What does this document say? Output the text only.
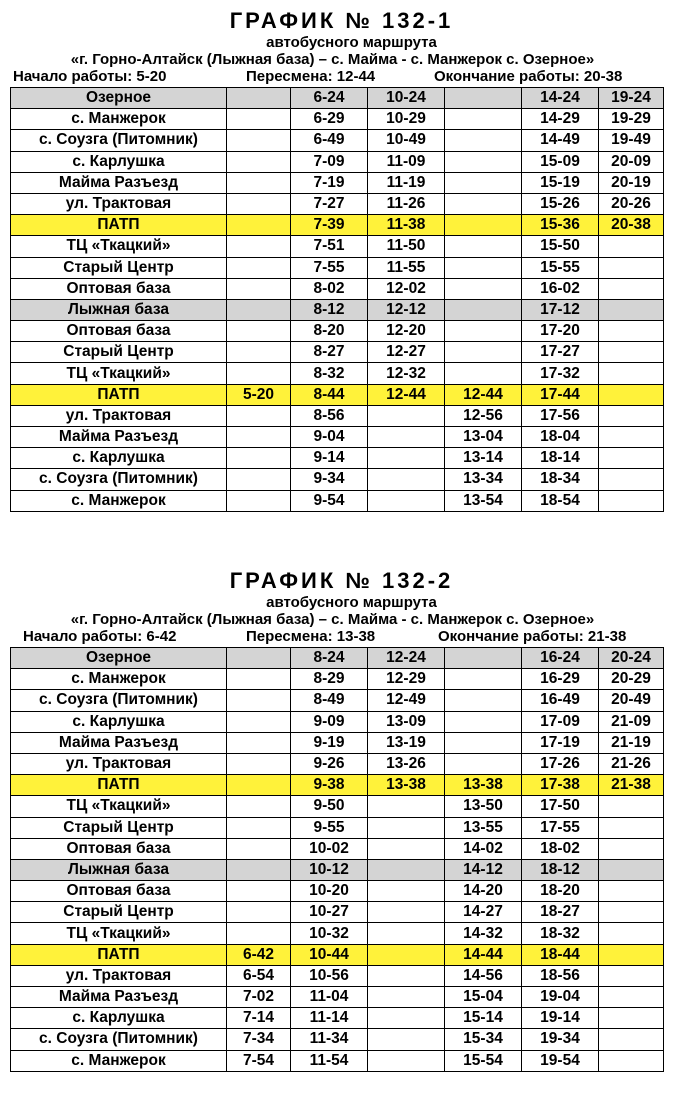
ГРАФИК № 132-1
автобусного маршрута
«г. Горно-Алтайск (Лыжная база) – с. Майма - с. Манжерок с. Озерное»
Начало работы: 5-20	Пересмена: 12-44	Окончание работы: 20-38
Озерное		6-24	10-24		14-24	19-24
с. Манжерок		6-29	10-29		14-29	19-29
с. Соузга (Питомник)		6-49	10-49		14-49	19-49
с. Карлушка		7-09	11-09		15-09	20-09
Майма Разъезд		7-19	11-19		15-19	20-19
ул. Трактовая		7-27	11-26		15-26	20-26
ПАТП		7-39	11-38		15-36	20-38
ТЦ «Ткацкий»		7-51	11-50		15-50	
Старый Центр		7-55	11-55		15-55	
Оптовая база		8-02	12-02		16-02	
Лыжная база		8-12	12-12		17-12	
Оптовая база		8-20	12-20		17-20	
Старый Центр		8-27	12-27		17-27	
ТЦ «Ткацкий»		8-32	12-32		17-32	
ПАТП	5-20	8-44	12-44	12-44	17-44	
ул. Трактовая		8-56		12-56	17-56	
Майма Разъезд		9-04		13-04	18-04	
с. Карлушка		9-14		13-14	18-14	
с. Соузга (Питомник)		9-34		13-34	18-34	
с. Манжерок		9-54		13-54	18-54	
ГРАФИК № 132-2
автобусного маршрута
«г. Горно-Алтайск (Лыжная база) – с. Майма - с. Манжерок с. Озерное»
Начало работы: 6-42	Пересмена: 13-38	Окончание работы: 21-38
Озерное		8-24	12-24		16-24	20-24
с. Манжерок		8-29	12-29		16-29	20-29
с. Соузга (Питомник)		8-49	12-49		16-49	20-49
с. Карлушка		9-09	13-09		17-09	21-09
Майма Разъезд		9-19	13-19		17-19	21-19
ул. Трактовая		9-26	13-26		17-26	21-26
ПАТП		9-38	13-38	13-38	17-38	21-38
ТЦ «Ткацкий»		9-50		13-50	17-50	
Старый Центр		9-55		13-55	17-55	
Оптовая база		10-02		14-02	18-02	
Лыжная база		10-12		14-12	18-12	
Оптовая база		10-20		14-20	18-20	
Старый Центр		10-27		14-27	18-27	
ТЦ «Ткацкий»		10-32		14-32	18-32	
ПАТП	6-42	10-44		14-44	18-44	
ул. Трактовая	6-54	10-56		14-56	18-56	
Майма Разъезд	7-02	11-04		15-04	19-04	
с. Карлушка	7-14	11-14		15-14	19-14	
с. Соузга (Питомник)	7-34	11-34		15-34	19-34	
с. Манжерок	7-54	11-54		15-54	19-54	
